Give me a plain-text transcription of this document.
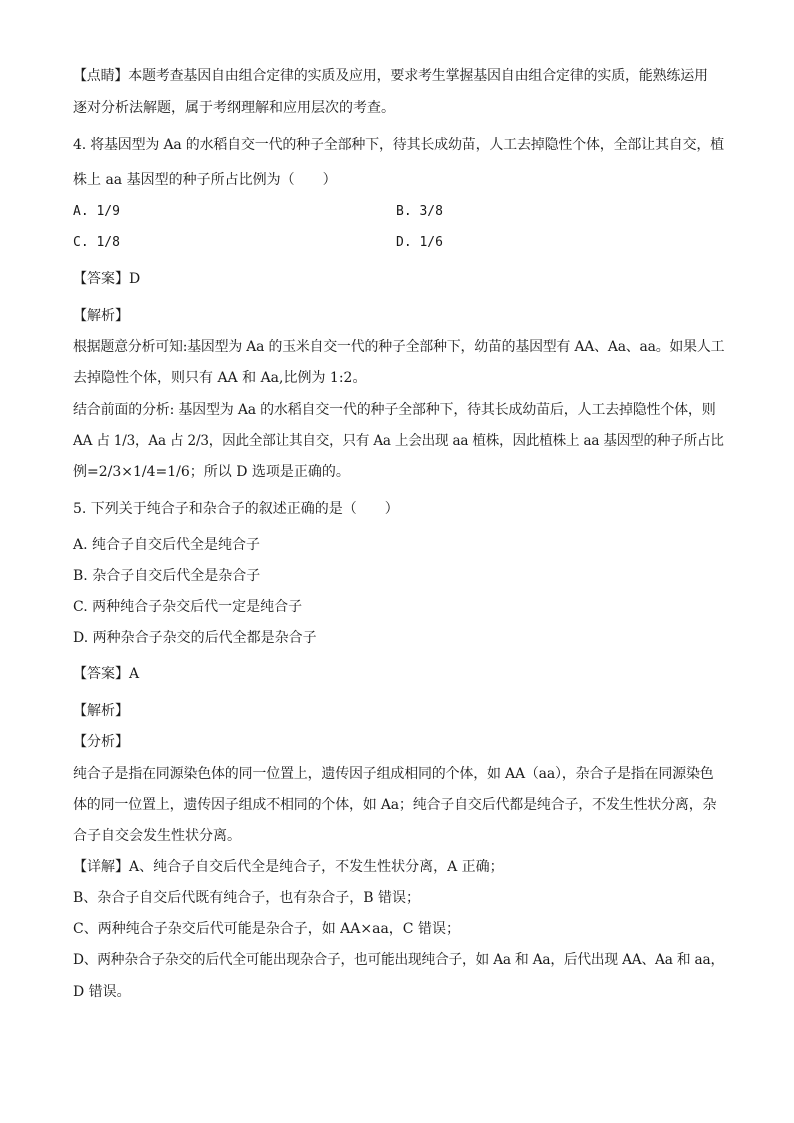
【点睛】本题考查基因自由组合定律的实质及应用，要求考生掌握基因自由组合定律的实质，能熟练运用
逐对分析法解题，属于考纲理解和应用层次的考查。
4. 将基因型为 Aa 的水稻自交一代的种子全部种下，待其长成幼苗，人工去掉隐性个体，全部让其自交，植
株上 aa 基因型的种子所占比例为（　　）
A. 1/9	B. 3/8
C. 1/8	D. 1/6
【答案】D
【解析】
根据题意分析可知:基因型为 Aa 的玉米自交一代的种子全部种下，幼苗的基因型有 AA、Aa、aa。如果人工
去掉隐性个体，则只有 AA 和 Aa,比例为 1:2。
结合前面的分析: 基因型为 Aa 的水稻自交一代的种子全部种下，待其长成幼苗后，人工去掉隐性个体，则
AA 占 1/3，Aa 占 2/3，因此全部让其自交，只有 Aa 上会出现 aa 植株，因此植株上 aa 基因型的种子所占比
例=2/3×1/4=1/6；所以 D 选项是正确的。
5. 下列关于纯合子和杂合子的叙述正确的是（　　）
A. 纯合子自交后代全是纯合子
B. 杂合子自交后代全是杂合子
C. 两种纯合子杂交后代一定是纯合子
D. 两种杂合子杂交的后代全都是杂合子
【答案】A
【解析】
【分析】
纯合子是指在同源染色体的同一位置上，遗传因子组成相同的个体，如 AA（aa），杂合子是指在同源染色
体的同一位置上，遗传因子组成不相同的个体，如 Aa；纯合子自交后代都是纯合子，不发生性状分离，杂
合子自交会发生性状分离。
【详解】A、纯合子自交后代全是纯合子，不发生性状分离，A 正确；
B、杂合子自交后代既有纯合子，也有杂合子，B 错误；
C、两种纯合子杂交后代可能是杂合子，如 AA×aa，C 错误；
D、两种杂合子杂交的后代全可能出现杂合子，也可能出现纯合子，如 Aa 和 Aa，后代出现 AA、Aa 和 aa，
D 错误。
